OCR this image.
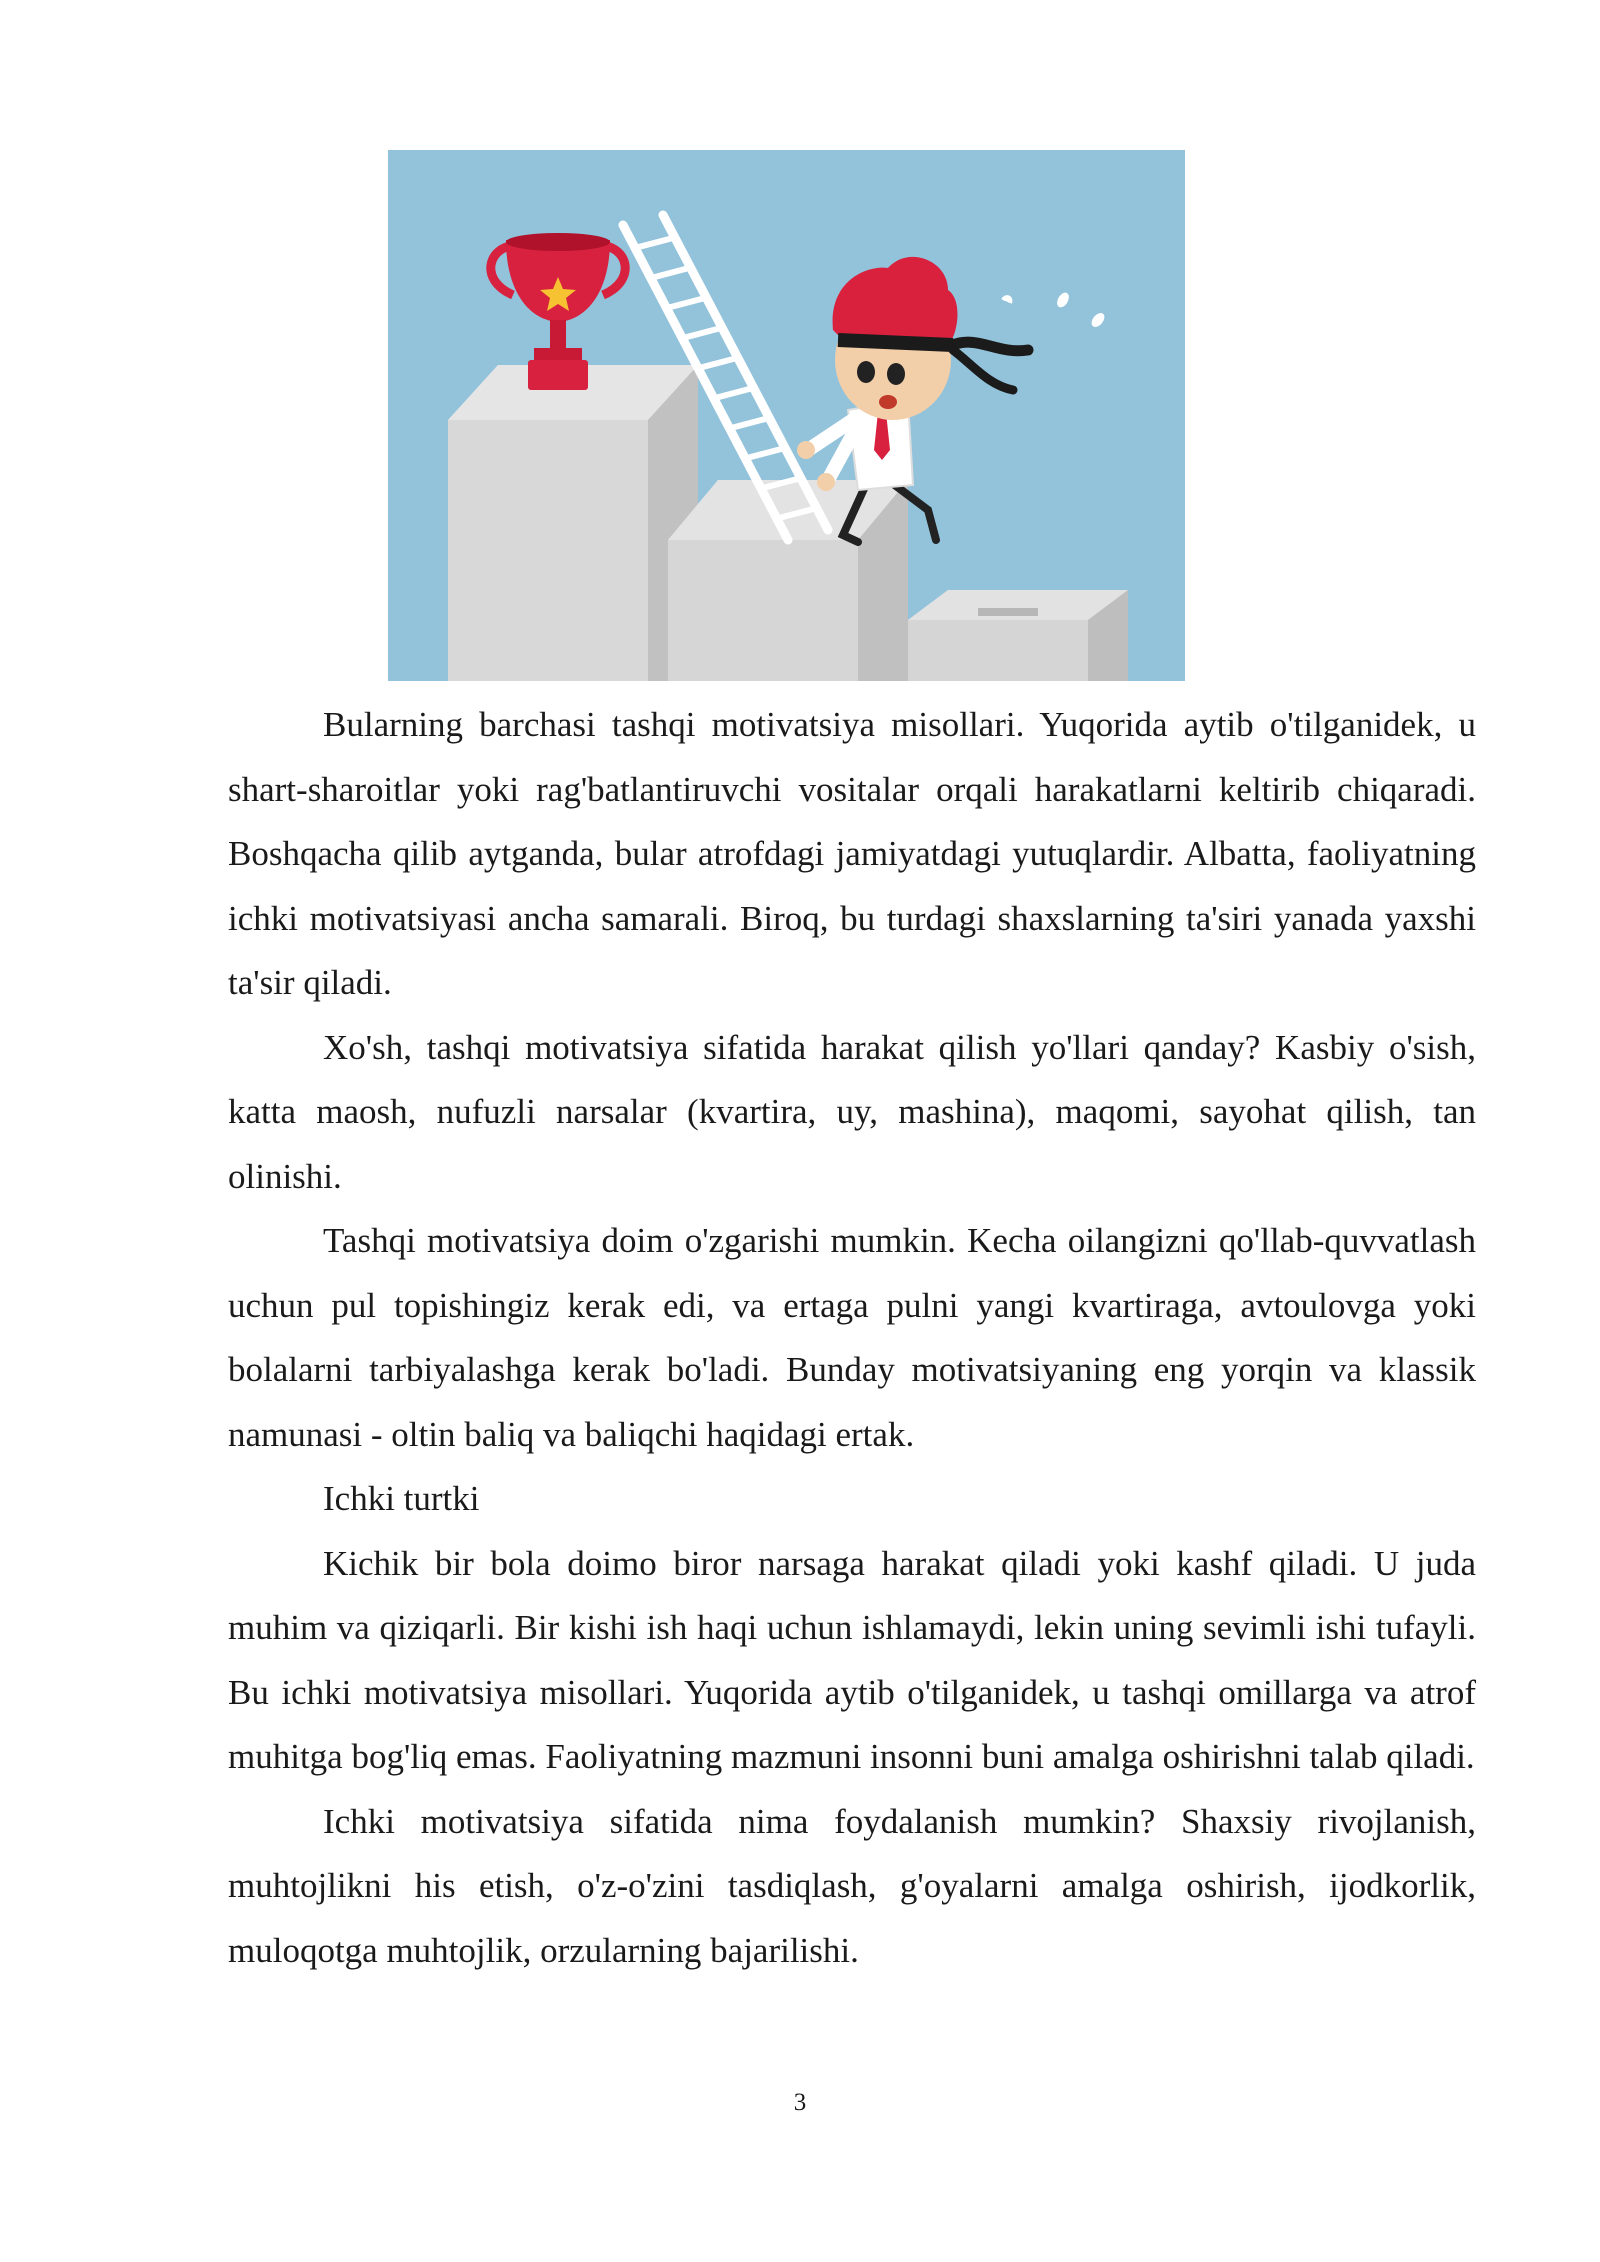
Bularning barchasi tashqi motivatsiya misollari. Yuqorida aytib o'tilganidek, u shart-sharoitlar yoki rag'batlantiruvchi vositalar orqali harakatlarni keltirib chiqaradi. Boshqacha qilib aytganda, bular atrofdagi jamiyatdagi yutuqlardir. Albatta, faoliyatning ichki motivatsiyasi ancha samarali. Biroq, bu turdagi shaxslarning ta'siri yanada yaxshi ta'sir qiladi.

Xo'sh, tashqi motivatsiya sifatida harakat qilish yo'llari qanday? Kasbiy o'sish, katta maosh, nufuzli narsalar (kvartira, uy, mashina), maqomi, sayohat qilish, tan olinishi.

Tashqi motivatsiya doim o'zgarishi mumkin. Kecha oilangizni qo'llab-quvvatlash uchun pul topishingiz kerak edi, va ertaga pulni yangi kvartiraga, avtoulovga yoki bolalarni tarbiyalashga kerak bo'ladi. Bunday motivatsiyaning eng yorqin va klassik namunasi - oltin baliq va baliqchi haqidagi ertak.

Ichki turtki

Kichik bir bola doimo biror narsaga harakat qiladi yoki kashf qiladi. U juda muhim va qiziqarli. Bir kishi ish haqi uchun ishlamaydi, lekin uning sevimli ishi tufayli. Bu ichki motivatsiya misollari. Yuqorida aytib o'tilganidek, u tashqi omillarga va atrof muhitga bog'liq emas. Faoliyatning mazmuni insonni buni amalga oshirishni talab qiladi.

Ichki motivatsiya sifatida nima foydalanish mumkin? Shaxsiy rivojlanish, muhtojlikni his etish, o'z-o'zini tasdiqlash, g'oyalarni amalga oshirish, ijodkorlik, muloqotga muhtojlik, orzularning bajarilishi.

3
